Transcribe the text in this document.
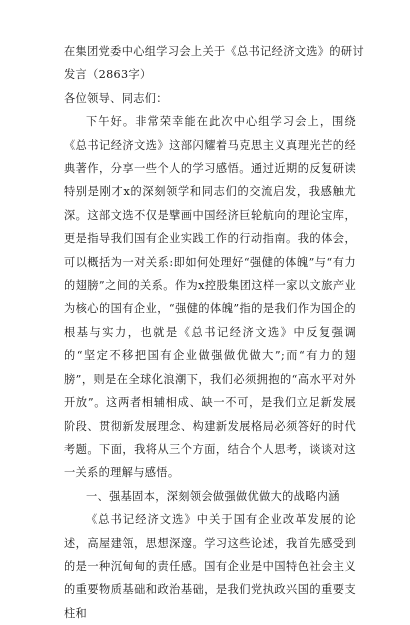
在集团党委中心组学习会上关于《总书记经济文选》的研讨

发言（2863字）

各位领导、同志们：

下午好。非常荣幸能在此次中心组学习会上，围绕《总书记经济文选》这部闪耀着马克思主义真理光芒的经典著作，分享一些个人的学习感悟。通过近期的反复研读特别是刚才x的深刻领学和同志们的交流启发，我感触尤深。这部文选不仅是擘画中国经济巨轮航向的理论宝库，更是指导我们国有企业实践工作的行动指南。我的体会，可以概括为一对关系:即如何处理好“强健的体魄”与“有力的翅膀”之间的关系。作为x控股集团这样一家以文旅产业为核心的国有企业，“强健的体魄”指的是我们作为国企的根基与实力，也就是《总书记经济文选》中反复强调的“坚定不移把国有企业做强做优做大”;而“有力的翅膀”，则是在全球化浪潮下，我们必须拥抱的“高水平对外开放”。这两者相辅相成、缺一不可，是我们立足新发展阶段、贯彻新发展理念、构建新发展格局必须答好的时代考题。下面，我将从三个方面，结合个人思考，谈谈对这一关系的理解与感悟。

一、强基固本，深刻领会做强做优做大的战略内涵

《总书记经济文选》中关于国有企业改革发展的论述，高屋建瓴，思想深邃。学习这些论述，我首先感受到的是一种沉甸甸的责任感。国有企业是中国特色社会主义的重要物质基础和政治基础，是我们党执政兴国的重要支柱和
